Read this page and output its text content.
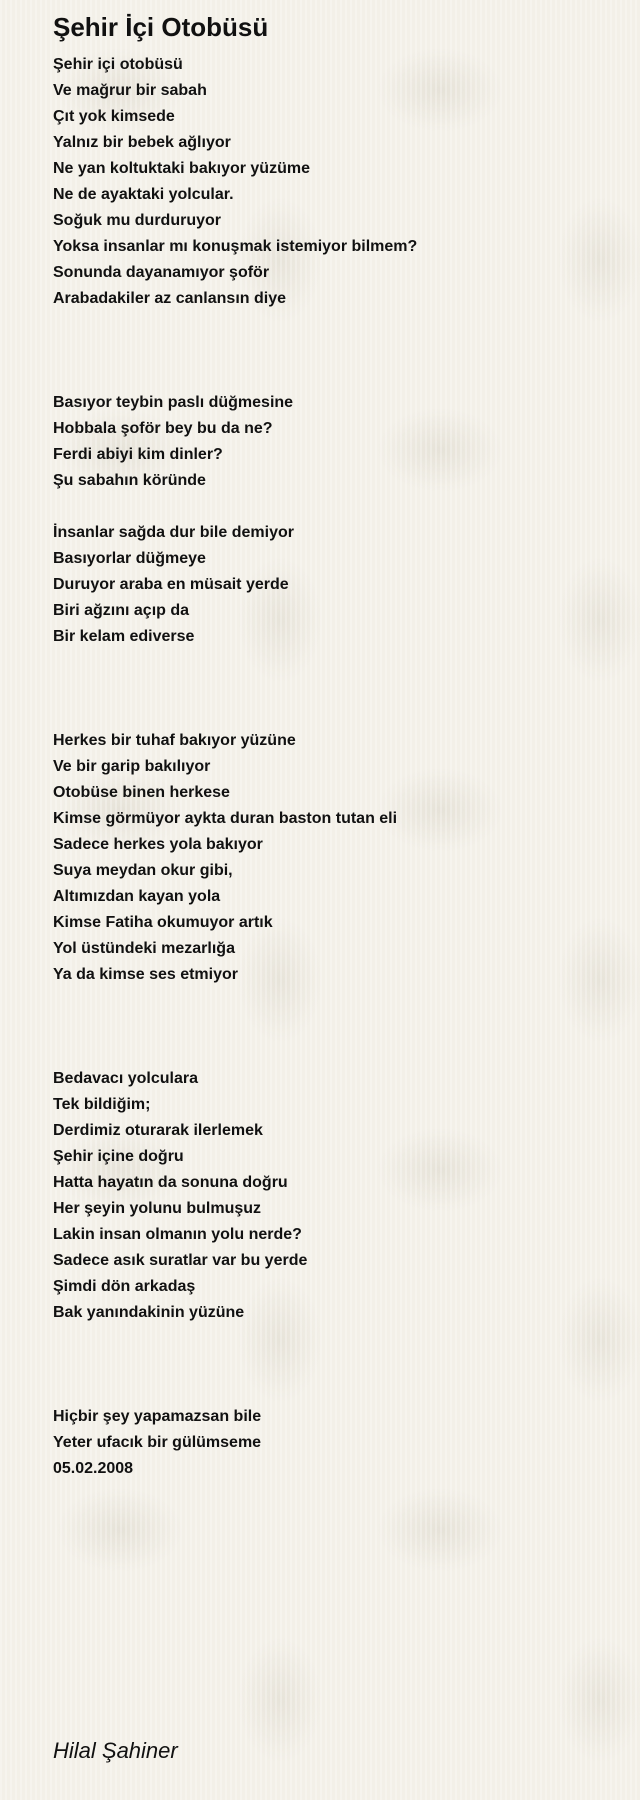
Şehir İçi Otobüsü
Şehir içi otobüsü
Ve mağrur bir sabah
Çıt yok kimsede
Yalnız bir bebek ağlıyor
Ne yan koltuktaki bakıyor yüzüme
Ne de ayaktaki yolcular.
Soğuk mu durduruyor
Yoksa insanlar mı konuşmak istemiyor bilmem?
Sonunda dayanamıyor şoför
Arabadakiler az canlansın diye
Basıyor teybin paslı düğmesine
Hobbala şoför bey bu da ne?
Ferdi abiyi kim dinler?
Şu sabahın köründe
İnsanlar sağda dur bile demiyor
Basıyorlar düğmeye
Duruyor araba en müsait yerde
Biri ağzını açıp da
Bir kelam ediverse
Herkes bir tuhaf bakıyor yüzüne
Ve bir garip bakılıyor
Otobüse binen herkese
Kimse görmüyor aykta duran baston tutan eli
Sadece herkes yola bakıyor
Suya meydan okur gibi,
Altımızdan kayan yola
Kimse Fatiha okumuyor artık
Yol üstündeki mezarlığa
Ya da kimse ses etmiyor
Bedavacı yolculara
Tek bildiğim;
Derdimiz oturarak ilerlemek
Şehir içine doğru
Hatta hayatın da sonuna doğru
Her şeyin yolunu bulmuşuz
Lakin insan olmanın yolu nerde?
Sadece asık suratlar var bu yerde
Şimdi dön arkadaş
Bak yanındakinin yüzüne
Hiçbir şey yapamazsan bile
Yeter ufacık bir gülümseme
05.02.2008
Hilal Şahiner
